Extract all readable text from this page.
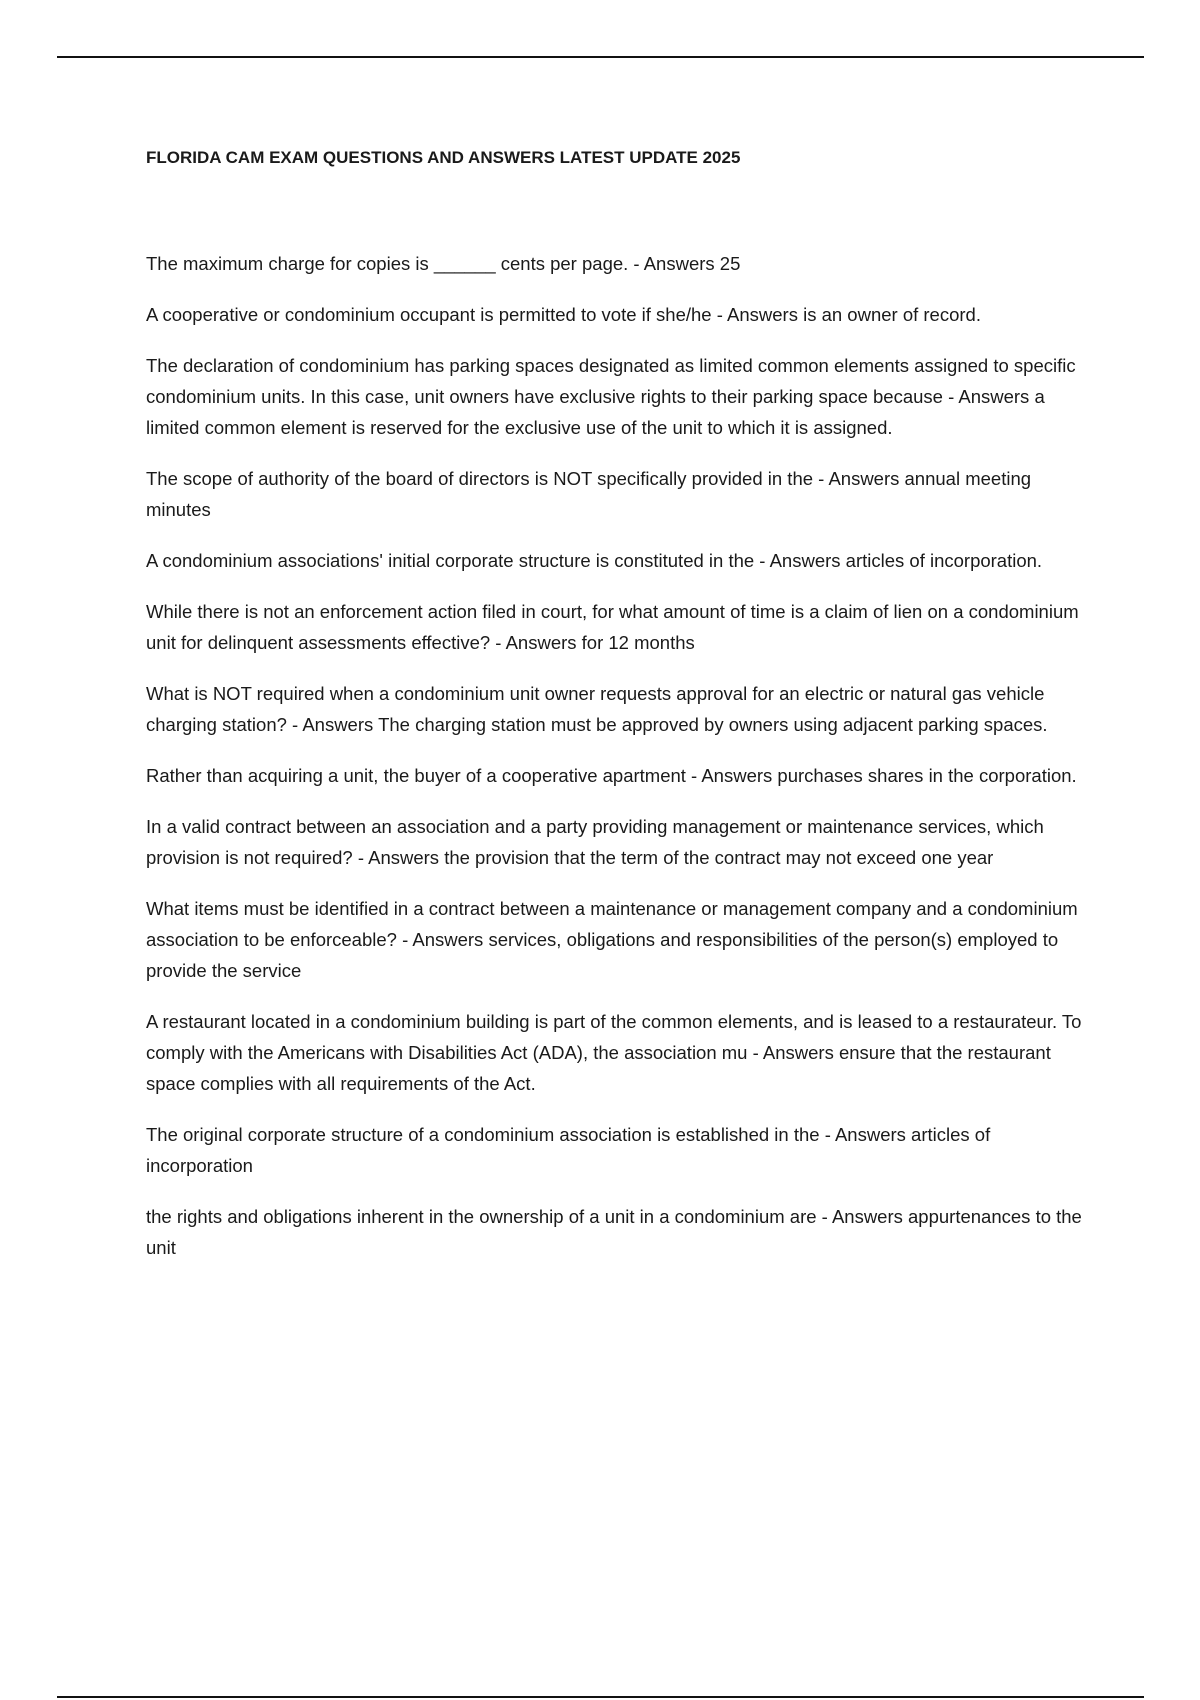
FLORIDA CAM EXAM QUESTIONS AND ANSWERS LATEST UPDATE 2025
The maximum charge for copies is ______ cents per page. - Answers 25
A cooperative or condominium occupant is permitted to vote if she/he - Answers is an owner of record.
The declaration of condominium has parking spaces designated as limited common elements assigned to specific condominium units. In this case, unit owners have exclusive rights to their parking space because - Answers a limited common element is reserved for the exclusive use of the unit to which it is assigned.
The scope of authority of the board of directors is NOT specifically provided in the - Answers annual meeting minutes
A condominium associations' initial corporate structure is constituted in the - Answers articles of incorporation.
While there is not an enforcement action filed in court, for what amount of time is a claim of lien on a condominium unit for delinquent assessments effective? - Answers for 12 months
What is NOT required when a condominium unit owner requests approval for an electric or natural gas vehicle charging station? - Answers The charging station must be approved by owners using adjacent parking spaces.
Rather than acquiring a unit, the buyer of a cooperative apartment - Answers purchases shares in the corporation.
In a valid contract between an association and a party providing management or maintenance services, which provision is not required? - Answers the provision that the term of the contract may not exceed one year
What items must be identified in a contract between a maintenance or management company and a condominium association to be enforceable? - Answers services, obligations and responsibilities of the person(s) employed to provide the service
A restaurant located in a condominium building is part of the common elements, and is leased to a restaurateur. To comply with the Americans with Disabilities Act (ADA), the association mu - Answers ensure that the restaurant space complies with all requirements of the Act.
The original corporate structure of a condominium association is established in the - Answers articles of incorporation
the rights and obligations inherent in the ownership of a unit in a condominium are - Answers appurtenances to the unit
